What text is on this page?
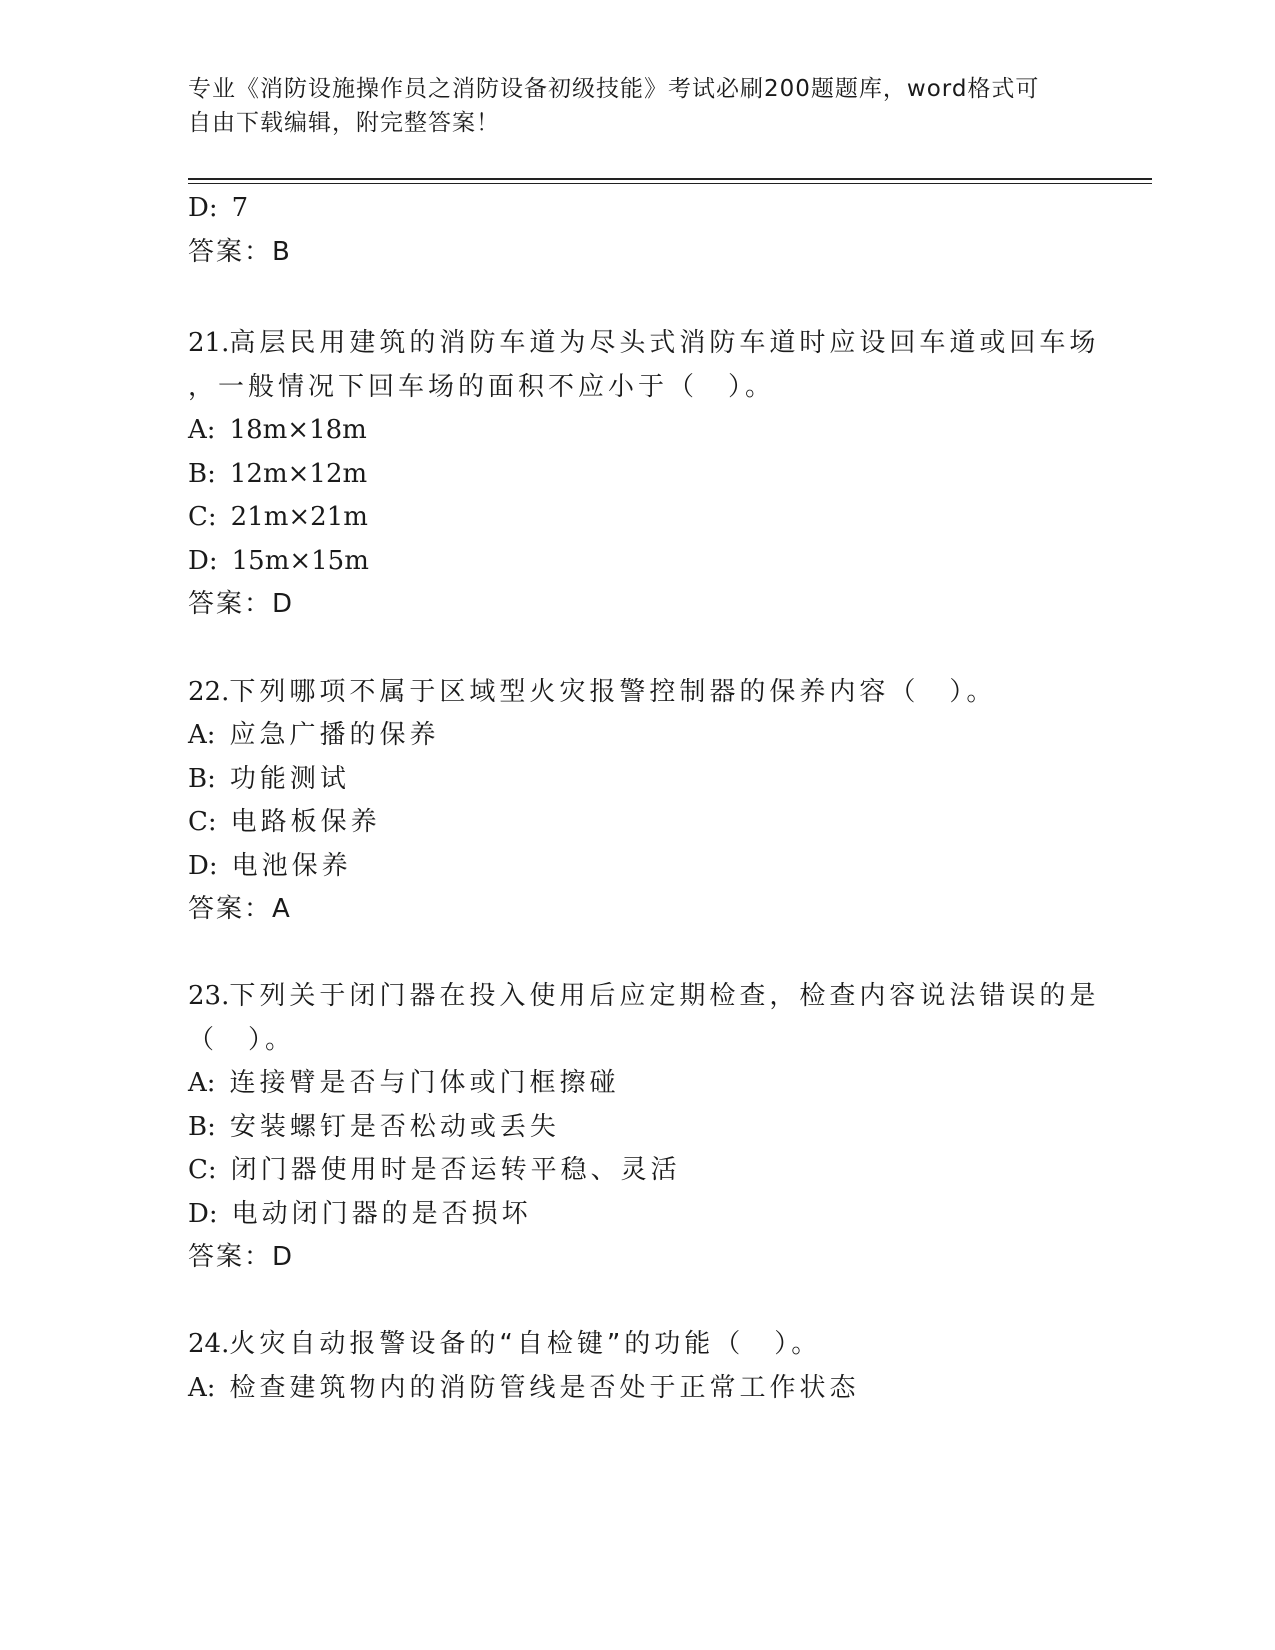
专业《消防设施操作员之消防设备初级技能》考试必刷200题题库，word格式可
自由下载编辑，附完整答案！
D: 7
答案：B
21.高层民用建筑的消防车道为尽头式消防车道时应设回车道或回车场
，一般情况下回车场的面积不应小于（　）。
A: 18m×18m
B: 12m×12m
C: 21m×21m
D: 15m×15m
答案：D
22.下列哪项不属于区域型火灾报警控制器的保养内容（　）。
A: 应急广播的保养
B: 功能测试
C: 电路板保养
D: 电池保养
答案：A
23.下列关于闭门器在投入使用后应定期检查，检查内容说法错误的是
（　）。
A: 连接臂是否与门体或门框擦碰
B: 安装螺钉是否松动或丢失
C: 闭门器使用时是否运转平稳、灵活
D: 电动闭门器的是否损坏
答案：D
24.火灾自动报警设备的“自检键”的功能（　）。
A: 检查建筑物内的消防管线是否处于正常工作状态
